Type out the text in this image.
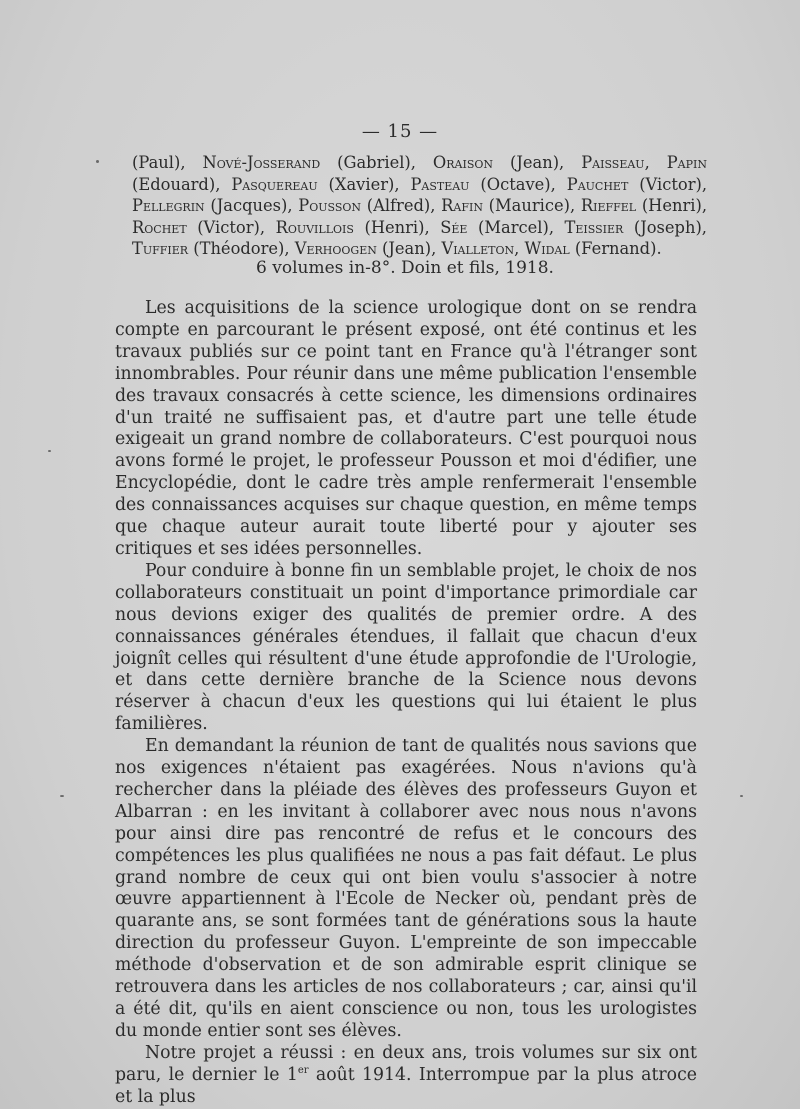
— 15 —
(Paul), Nové-Josserand (Gabriel), Oraison (Jean), Paisseau, Papin (Edouard), Pasquereau (Xavier), Pasteau (Octave), Pauchet (Victor), Pellegrin (Jacques), Pousson (Alfred), Rafin (Maurice), Rieffel (Henri), Rochet (Victor), Rouvillois (Henri), Sée (Marcel), Teissier (Joseph), Tuffier (Théodore), Verhoogen (Jean), Vialleton, Widal (Fernand).
6 volumes in-8°. Doin et fils, 1918.

Les acquisitions de la science urologique dont on se rendra compte en parcourant le présent exposé, ont été continus et les travaux publiés sur ce point tant en France qu'à l'étranger sont innombrables. Pour réunir dans une même publication l'ensemble des travaux consacrés à cette science, les dimensions ordinaires d'un traité ne suffisaient pas, et d'autre part une telle étude exigeait un grand nombre de collaborateurs. C'est pourquoi nous avons formé le projet, le professeur Pousson et moi d'édifier, une Encyclopédie, dont le cadre très ample renfermerait l'ensemble des connaissances acquises sur chaque question, en même temps que chaque auteur aurait toute liberté pour y ajouter ses critiques et ses idées personnelles.

Pour conduire à bonne fin un semblable projet, le choix de nos collaborateurs constituait un point d'importance primordiale car nous devions exiger des qualités de premier ordre. A des connaissances générales étendues, il fallait que chacun d'eux joignît celles qui résultent d'une étude approfondie de l'Urologie, et dans cette dernière branche de la Science nous devons réserver à chacun d'eux les questions qui lui étaient le plus familières.

En demandant la réunion de tant de qualités nous savions que nos exigences n'étaient pas exagérées. Nous n'avions qu'à rechercher dans la pléiade des élèves des professeurs Guyon et Albarran : en les invitant à collaborer avec nous nous n'avons pour ainsi dire pas rencontré de refus et le concours des compétences les plus qualifiées ne nous a pas fait défaut. Le plus grand nombre de ceux qui ont bien voulu s'associer à notre œuvre appartiennent à l'Ecole de Necker où, pendant près de quarante ans, se sont formées tant de générations sous la haute direction du professeur Guyon. L'empreinte de son impeccable méthode d'observation et de son admirable esprit clinique se retrouvera dans les articles de nos collaborateurs ; car, ainsi qu'il a été dit, qu'ils en aient conscience ou non, tous les urologistes du monde entier sont ses élèves.

Notre projet a réussi : en deux ans, trois volumes sur six ont paru, le dernier le 1er août 1914. Interrompue par la plus atroce et la plus
